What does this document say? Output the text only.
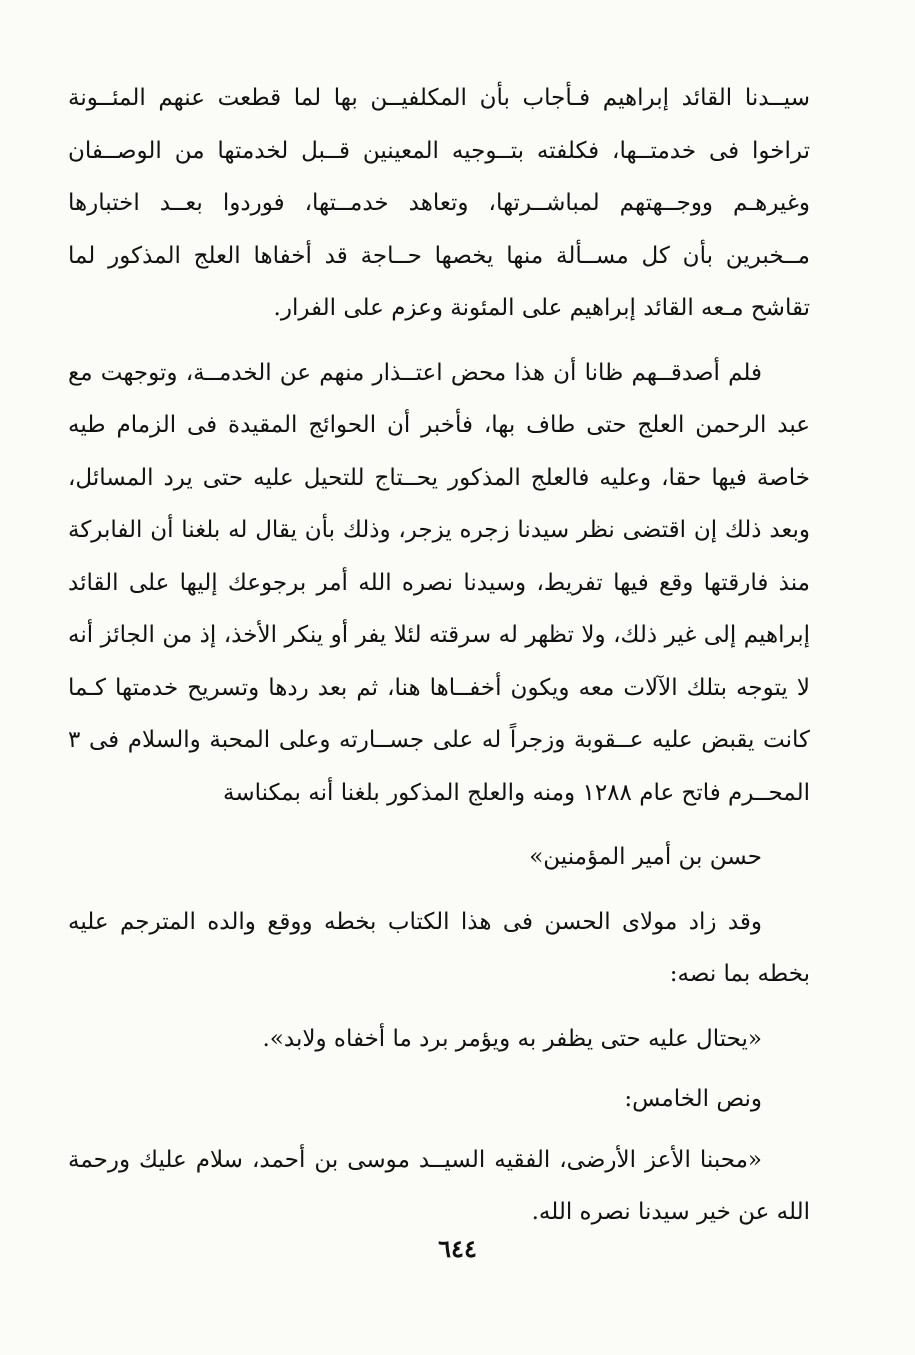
سيــدنا القائد إبراهيم فـأجاب بأن المكلفيــن بها لما قطعت عنهم المئــونة تراخوا فى خدمتــها، فكلفته بتــوجيه المعينين قــبل لخدمتها من الوصــفان وغيرهـم ووجــهتهم لمباشــرتها، وتعاهد خدمــتها، فوردوا بعــد اختبارها مــخبرين بأن كل مســألة منها يخصها حــاجة قد أخفاها العلج المذكور لما تقاشح مـعه القائد إبراهيم على المئونة وعزم على الفرار.

فلم أصدقــهم ظانا أن هذا محض اعتــذار منهم عن الخدمــة، وتوجهت مع عبد الرحمن العلج حتى طاف بها، فأخبر أن الحوائج المقيدة فى الزمام طيه خاصة فيها حقا، وعليه فالعلج المذكور يحــتاج للتحيل عليه حتى يرد المسائل، وبعد ذلك إن اقتضى نظر سيدنا زجره يزجر، وذلك بأن يقال له بلغنا أن الفابركة منذ فارقتها وقع فيها تفريط، وسيدنا نصره الله أمر برجوعك إليها على القائد إبراهيم إلى غير ذلك، ولا تظهر له سرقته لئلا يفر أو ينكر الأخذ، إذ من الجائز أنه لا يتوجه بتلك الآلات معه ويكون أخفــاها هنا، ثم بعد ردها وتسريح خدمتها كـما كانت يقبض عليه عــقوبة وزجراً له على جســارته وعلى المحبة والسلام فى ٣ المحــرم فاتح عام ١٢٨٨ ومنه والعلج المذكور بلغنا أنه بمكناسة

حسن بن أمير المؤمنين»

وقد زاد مولاى الحسن فى هذا الكتاب بخطه ووقع والده المترجم عليه بخطه بما نصه:

«يحتال عليه حتى يظفر به ويؤمر برد ما أخفاه ولابد».

ونص الخامس:

«محبنا الأعز الأرضى، الفقيه السيــد موسى بن أحمد، سلام عليك ورحمة الله عن خير سيدنا نصره الله.

٦٤٤
